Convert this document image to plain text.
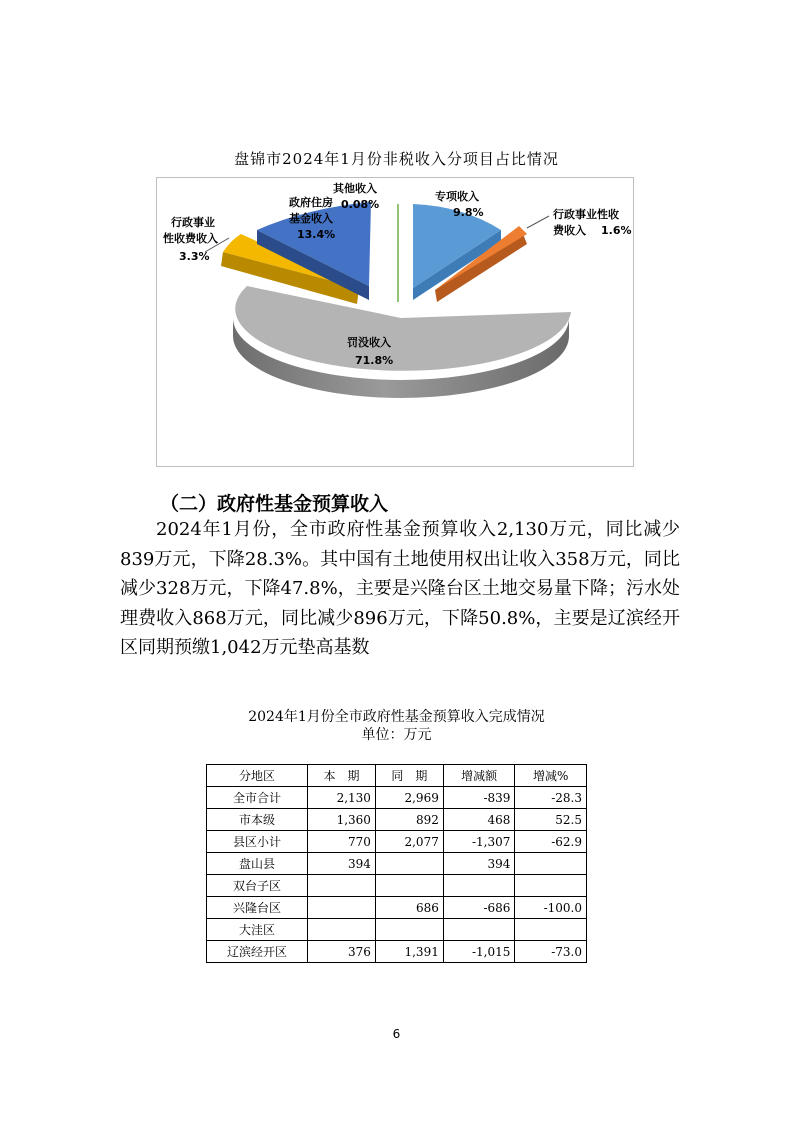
盘锦市2024年1月份非税收入分项目占比情况
专项收入
9.8%	行政事业性收
费收入 1.6%
罚没收入
71.8%
行政事业
性收费收入
3.3%
政府住房
基金收入
13.4%
其他收入
0.08%
（二）政府性基金预算收入

2024年1月份，全市政府性基金预算收入2,130万元，同比减少839万元，下降28.3%。其中国有土地使用权出让收入358万元，同比减少328万元，下降47.8%，主要是兴隆台区土地交易量下降；污水处理费收入868万元，同比减少896万元，下降50.8%，主要是辽滨经开区同期预缴1,042万元垫高基数

2024年1月份全市政府性基金预算收入完成情况
单位：万元
分地区	本　期	同　期	增减额	增减%
全市合计	2,130	2,969	-839	-28.3
市本级	1,360	892	468	52.5
县区小计	770	2,077	-1,307	-62.9
盘山县	394		394	
双台子区				
兴隆台区		686	-686	-100.0
大洼区				
辽滨经开区	376	1,391	-1,015	-73.0
6
